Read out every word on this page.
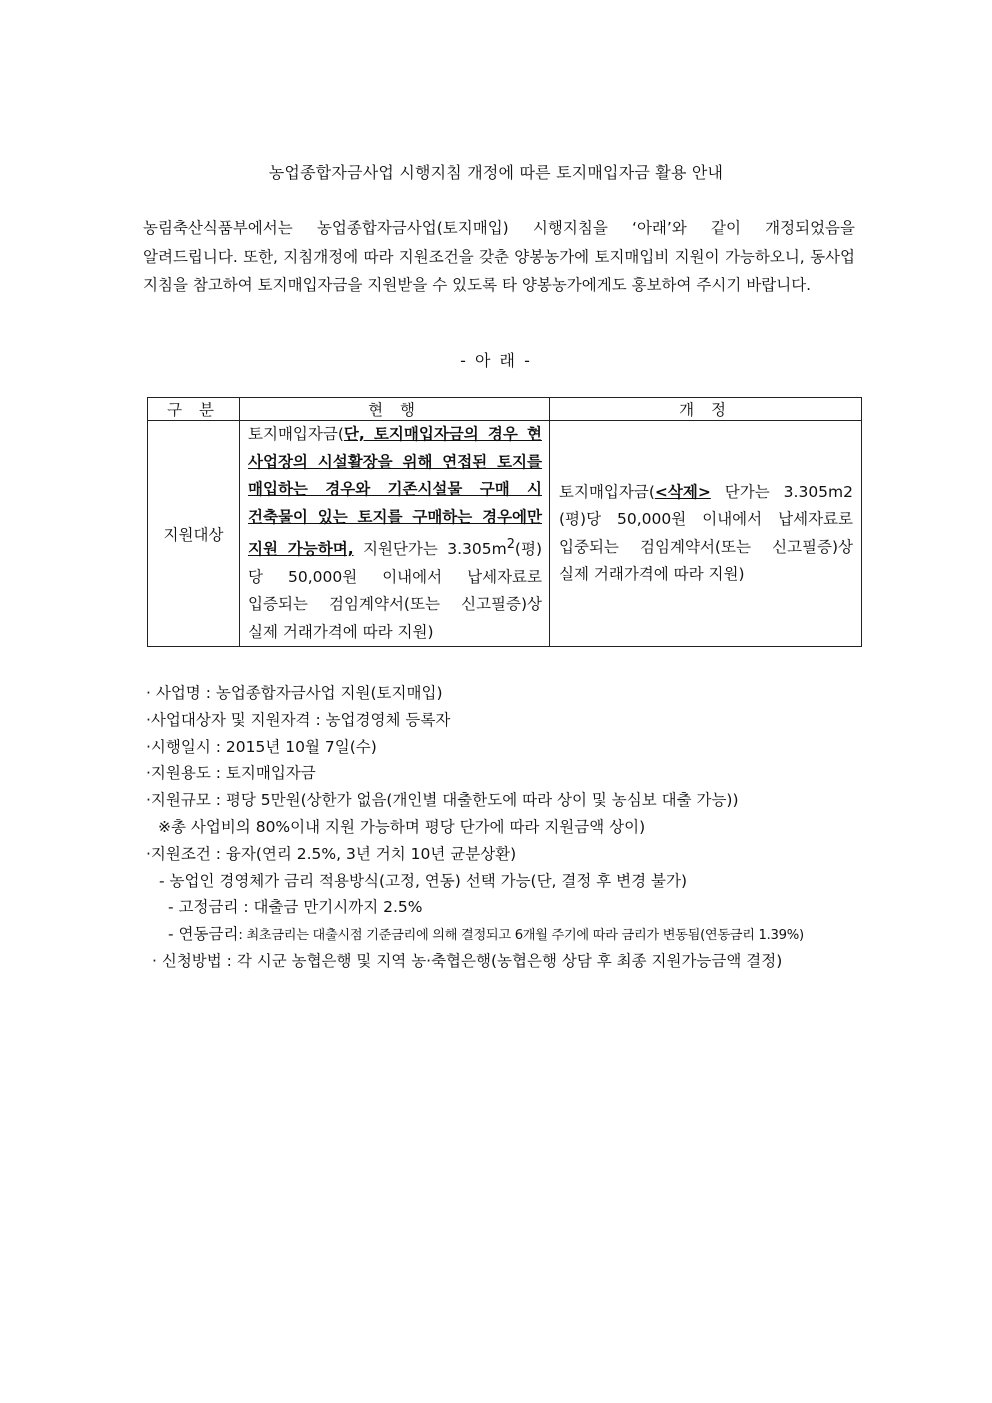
농업종합자금사업 시행지침 개정에 따른 토지매입자금 활용 안내
농림축산식품부에서는 농업종합자금사업(토지매입) 시행지침을 ‘아래’와 같이 개정되었음을 알려드립니다. 또한, 지침개정에 따라 지원조건을 갖춘 양봉농가에 토지매입비 지원이 가능하오니, 동사업 지침을 참고하여 토지매입자금을 지원받을 수 있도록 타 양봉농가에게도 홍보하여 주시기 바랍니다.
- 아 래 -
구 분	현 행	개 정
지원대상	토지매입자금(단, 토지매입자금의 경우 현 사업장의 시설활장을 위해 연접된 토지를 매입하는 경우와 기존시설물 구매 시 건축물이 있는 토지를 구매하는 경우에만 지원 가능하며, 지원단가는 $3.305m^2$(평)당 50,000원 이내에서 납세자료로 입증되는 검임계약서(또는 신고필증)상 실제 거래가격에 따라 지원)	토지매입자금(<삭제> 단가는 3.305m2 (평)당 50,000원 이내에서 납세자료로 입중되는 검임계약서(또는 신고필증)상 실제 거래가격에 따라 지원)
· 사업명 : 농업종합자금사업 지원(토지매입)
·사업대상자 및 지원자격 : 농업경영체 등록자
·시행일시 : 2015년 10월 7일(수)
·지원용도 : 토지매입자금
·지원규모 : 평당 5만원(상한가 없음(개인별 대출한도에 따라 상이 및 농심보 대출 가능))
※총 사업비의 80%이내 지원 가능하며 평당 단가에 따라 지원금액 상이)
·지원조건 : 융자(연리 2.5%, 3년 거치 10년 균분상환)
- 농업인 경영체가 금리 적용방식(고정, 연동) 선택 가능(단, 결정 후 변경 불가)
- 고정금리 : 대출금 만기시까지 2.5%
- 연동금리: 최초금리는 대출시점 기준금리에 의해 결정되고 6개월 주기에 따라 금리가 변동됨(연동금리 1.39%)
· 신청방법 : 각 시군 농협은행 및 지역 농·축협은행(농협은행 상담 후 최종 지원가능금액 결정)
